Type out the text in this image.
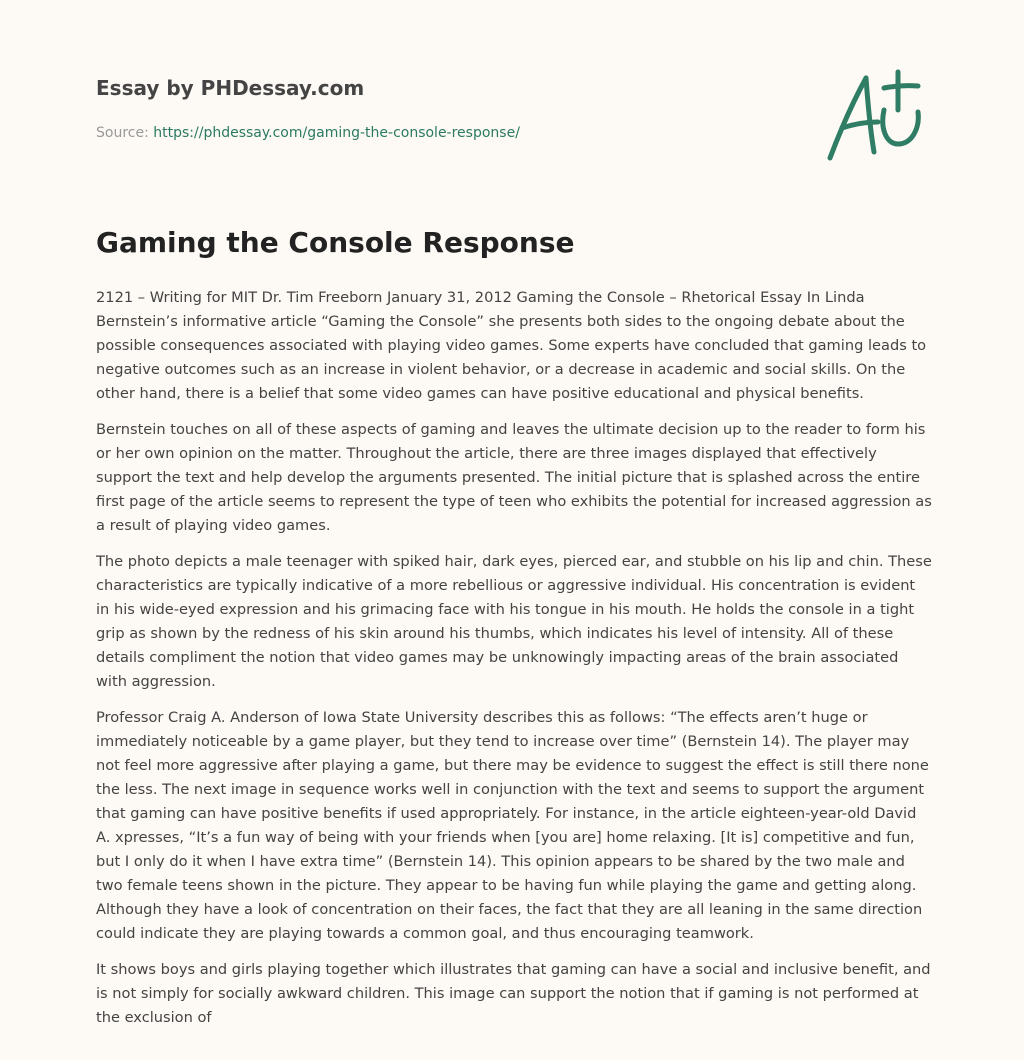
Essay by PHDessay.com
Source: https://phdessay.com/gaming-the-console-response/
Gaming the Console Response

2121 – Writing for MIT Dr. Tim Freeborn January 31, 2012 Gaming the Console – Rhetorical Essay In Linda Bernstein’s informative article “Gaming the Console” she presents both sides to the ongoing debate about the possible consequences associated with playing video games. Some experts have concluded that gaming leads to negative outcomes such as an increase in violent behavior, or a decrease in academic and social skills. On the other hand, there is a belief that some video games can have positive educational and physical benefits.

Bernstein touches on all of these aspects of gaming and leaves the ultimate decision up to the reader to form his or her own opinion on the matter. Throughout the article, there are three images displayed that effectively support the text and help develop the arguments presented. The initial picture that is splashed across the entire first page of the article seems to represent the type of teen who exhibits the potential for increased aggression as a result of playing video games.

The photo depicts a male teenager with spiked hair, dark eyes, pierced ear, and stubble on his lip and chin. These characteristics are typically indicative of a more rebellious or aggressive individual. His concentration is evident in his wide-eyed expression and his grimacing face with his tongue in his mouth. He holds the console in a tight grip as shown by the redness of his skin around his thumbs, which indicates his level of intensity. All of these details compliment the notion that video games may be unknowingly impacting areas of the brain associated with aggression.

Professor Craig A. Anderson of Iowa State University describes this as follows: “The effects aren’t huge or immediately noticeable by a game player, but they tend to increase over time” (Bernstein 14). The player may not feel more aggressive after playing a game, but there may be evidence to suggest the effect is still there none the less. The next image in sequence works well in conjunction with the text and seems to support the argument that gaming can have positive benefits if used appropriately. For instance, in the article eighteen-year-old David A. xpresses, “It’s a fun way of being with your friends when [you are] home relaxing. [It is] competitive and fun, but I only do it when I have extra time” (Bernstein 14). This opinion appears to be shared by the two male and two female teens shown in the picture. They appear to be having fun while playing the game and getting along. Although they have a look of concentration on their faces, the fact that they are all leaning in the same direction could indicate they are playing towards a common goal, and thus encouraging teamwork.

It shows boys and girls playing together which illustrates that gaming can have a social and inclusive benefit, and is not simply for socially awkward children. This image can support the notion that if gaming is not performed at the exclusion of
